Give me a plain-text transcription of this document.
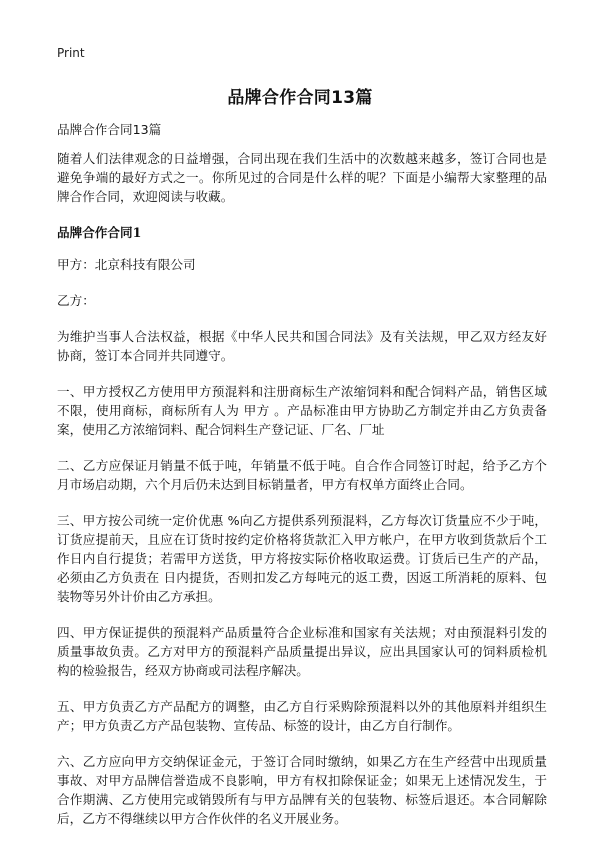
Print
品牌合作合同13篇

品牌合作合同13篇

随着人们法律观念的日益增强，合同出现在我们生活中的次数越来越多，签订合同也是避免争端的最好方式之一。你所见过的合同是什么样的呢？下面是小编帮大家整理的品牌合作合同，欢迎阅读与收藏。

品牌合作合同1

甲方：北京科技有限公司

乙方：

为维护当事人合法权益，根据《中华人民共和国合同法》及有关法规，甲乙双方经友好协商，签订本合同并共同遵守。

一、甲方授权乙方使用甲方预混料和注册商标生产浓缩饲料和配合饲料产品，销售区域不限，使用商标，商标所有人为 甲方 。产品标准由甲方协助乙方制定并由乙方负责备案，使用乙方浓缩饲料、配合饲料生产登记证、厂名、厂址

二、乙方应保证月销量不低于吨，年销量不低于吨。自合作合同签订时起，给予乙方个月市场启动期，六个月后仍未达到目标销量者，甲方有权单方面终止合同。

三、甲方按公司统一定价优惠 %向乙方提供系列预混料，乙方每次订货量应不少于吨，订货应提前天，且应在订货时按约定价格将货款汇入甲方帐户，在甲方收到货款后个工作日内自行提货；若需甲方送货，甲方将按实际价格收取运费。订货后已生产的产品，必须由乙方负责在 日内提货，否则扣发乙方每吨元的返工费，因返工所消耗的原料、包装物等另外计价由乙方承担。

四、甲方保证提供的预混料产品质量符合企业标准和国家有关法规；对由预混料引发的质量事故负责。乙方对甲方的预混料产品质量提出异议，应出具国家认可的饲料质检机构的检验报告，经双方协商或司法程序解决。

五、甲方负责乙方产品配方的调整，由乙方自行采购除预混料以外的其他原料并组织生产；甲方负责乙方产品包装物、宣传品、标签的设计，由乙方自行制作。

六、乙方应向甲方交纳保证金元，于签订合同时缴纳，如果乙方在生产经营中出现质量事故、对甲方品牌信誉造成不良影响，甲方有权扣除保证金；如果无上述情况发生，于合作期满、乙方使用完或销毁所有与甲方品牌有关的包装物、标签后退还。本合同解除后，乙方不得继续以甲方合作伙伴的名义开展业务。
